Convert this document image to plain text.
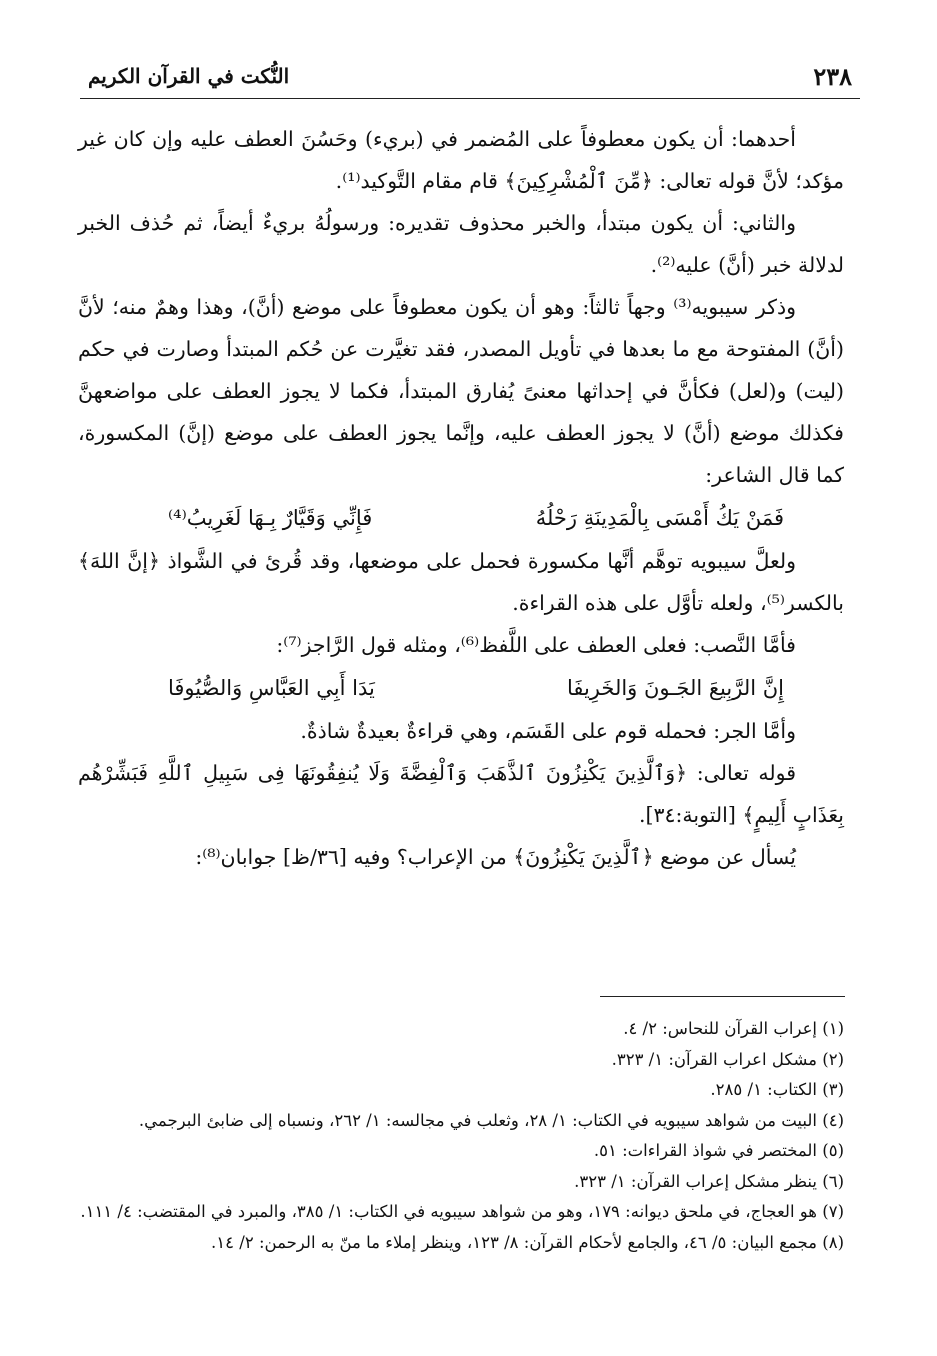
٢٣٨
النُّكت في القرآن الكريم

أحدهما: أن يكون معطوفاً على المُضمر في (بريء) وحَسُنَ العطف عليه وإن كان غير مؤكد؛ لأنَّ قوله تعالى: ﴿مِّنَ ٱلْمُشْرِكِينَ﴾ قام مقام التَّوكيد⁽¹⁾.

والثاني: أن يكون مبتدأ، والخبر محذوف تقديره: ورسولُهُ بريءٌ أيضاً، ثم حُذف الخبر لدلالة خبر (أنَّ) عليه⁽²⁾.

وذكر سيبويه⁽³⁾ وجهاً ثالثاً: وهو أن يكون معطوفاً على موضع (أنَّ)، وهذا وهمٌ منه؛ لأنَّ (أنَّ) المفتوحة مع ما بعدها في تأويل المصدر، فقد تغيَّرت عن حُكم المبتدأ وصارت في حكم (ليت) و(لعل) فكأنَّ في إحداثها معنىً يُفارق المبتدأ، فكما لا يجوز العطف على مواضعهنَّ فكذلك موضع (أنَّ) لا يجوز العطف عليه، وإنَّما يجوز العطف على موضع (إنَّ) المكسورة، كما قال الشاعر:

فَمَنْ يَكُ أَمْسَى بِالْمَدِينَةِ رَحْلُهُ
فَإِنِّي وَقَيَّارٌ بِـهَا لَغَرِيبُ⁽⁴⁾

ولعلَّ سيبويه توهَّم أنَّها مكسورة فحمل على موضعها، وقد قُرئ في الشَّواذ ﴿إنَّ اللهَ﴾ بالكسر⁽⁵⁾، ولعله تأوَّل على هذه القراءة.

فأمَّا النَّصب: فعلى العطف على اللَّفظ⁽⁶⁾، ومثله قول الرَّاجز⁽⁷⁾:

إِنَّ الرَّبِيعَ الجَـونَ وَالخَرِيفَا
يَدَا أَبِي العَبَّاسِ وَالصُّيُوفَا

وأمَّا الجر: فحمله قوم على القَسَم، وهي قراءةٌ بعيدةٌ شاذةٌ.

قوله تعالى: ﴿وَٱلَّذِينَ يَكْنِزُونَ ٱلذَّهَبَ وَٱلْفِضَّةَ وَلَا يُنفِقُونَهَا فِى سَبِيلِ ٱللَّهِ فَبَشِّرْهُم بِعَذَابٍ أَلِيمٍ﴾ [التوبة:٣٤].

يُسأل عن موضع ﴿ٱلَّذِينَ يَكْنِزُونَ﴾ من الإعراب؟ وفيه [٣٦/ظ] جوابان⁽⁸⁾:

(١) إعراب القرآن للنحاس: ٢/ ٤.

(٢) مشكل اعراب القرآن: ١/ ٣٢٣.

(٣) الكتاب: ١/ ٢٨٥.

(٤) البيت من شواهد سيبويه في الكتاب: ١/ ٢٨، وثعلب في مجالسه: ١/ ٢٦٢، ونسباه إلى ضابئ البرجمي.

(٥) المختصر في شواذ القراءات: ٥١.

(٦) ينظر مشكل إعراب القرآن: ١/ ٣٢٣.

(٧) هو العجاج، في ملحق ديوانه: ١٧٩، وهو من شواهد سيبويه في الكتاب: ١/ ٣٨٥، والمبرد في المقتضب: ٤/ ١١١.

(٨) مجمع البيان: ٥/ ٤٦، والجامع لأحكام القرآن: ٨/ ١٢٣، وينظر إملاء ما منّ به الرحمن: ٢/ ١٤.
